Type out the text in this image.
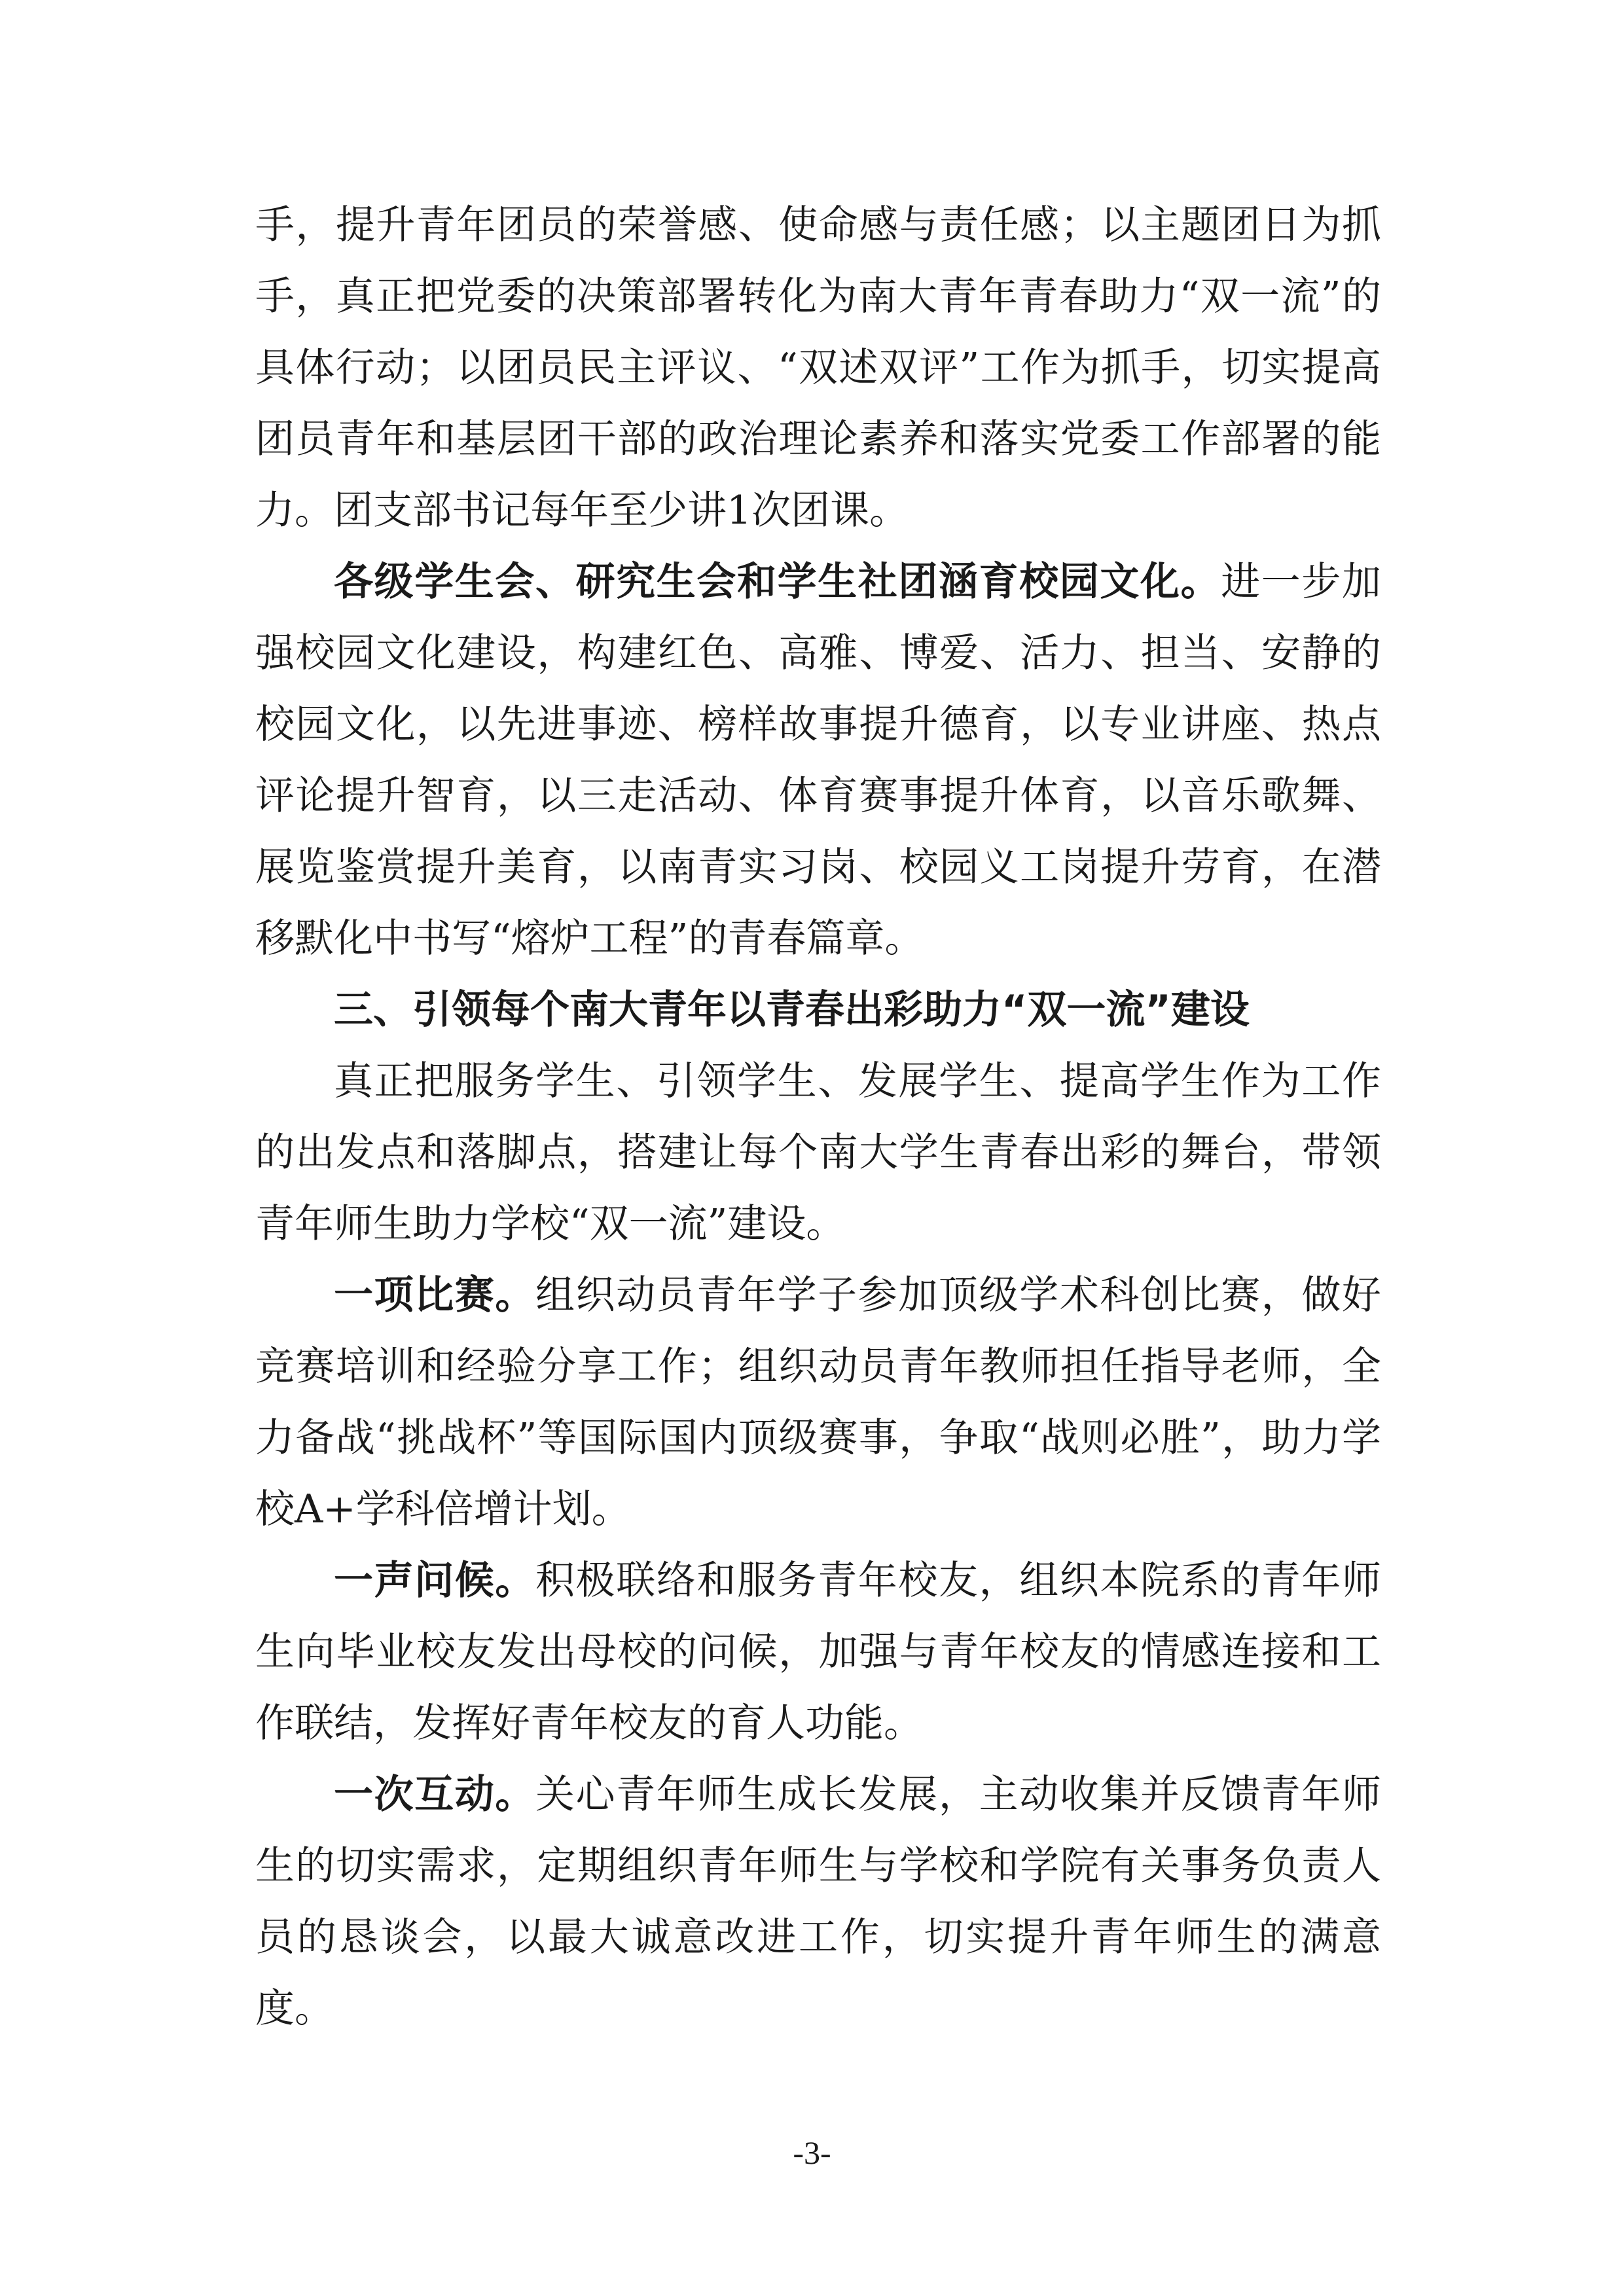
手，提升青年团员的荣誉感、使命感与责任感；以主题团日为抓手，真正把党委的决策部署转化为南大青年青春助力“双一流”的具体行动；以团员民主评议、“双述双评”工作为抓手，切实提高团员青年和基层团干部的政治理论素养和落实党委工作部署的能力。团支部书记每年至少讲1次团课。

各级学生会、研究生会和学生社团涵育校园文化。进一步加强校园文化建设，构建红色、高雅、博爱、活力、担当、安静的校园文化，以先进事迹、榜样故事提升德育，以专业讲座、热点评论提升智育，以三走活动、体育赛事提升体育，以音乐歌舞、展览鉴赏提升美育，以南青实习岗、校园义工岗提升劳育，在潜移默化中书写“熔炉工程”的青春篇章。

三、引领每个南大青年以青春出彩助力“双一流”建设

真正把服务学生、引领学生、发展学生、提高学生作为工作的出发点和落脚点，搭建让每个南大学生青春出彩的舞台，带领青年师生助力学校“双一流”建设。

一项比赛。组织动员青年学子参加顶级学术科创比赛，做好竞赛培训和经验分享工作；组织动员青年教师担任指导老师，全力备战“挑战杯”等国际国内顶级赛事，争取“战则必胜”，助力学校A+学科倍增计划。

一声问候。积极联络和服务青年校友，组织本院系的青年师生向毕业校友发出母校的问候，加强与青年校友的情感连接和工作联结，发挥好青年校友的育人功能。

一次互动。关心青年师生成长发展，主动收集并反馈青年师生的切实需求，定期组织青年师生与学校和学院有关事务负责人员的恳谈会，以最大诚意改进工作，切实提升青年师生的满意度。

-3-
